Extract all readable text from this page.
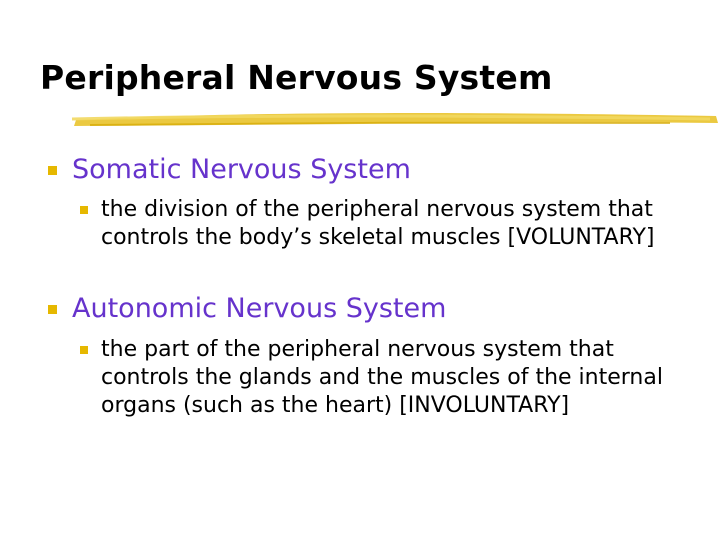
Peripheral Nervous System
Somatic Nervous System
the division of the peripheral nervous system that controls the body’s skeletal muscles [VOLUNTARY]
Autonomic Nervous System
the part of the peripheral nervous system that controls the glands and the muscles of the internal organs (such as the heart) [INVOLUNTARY]
